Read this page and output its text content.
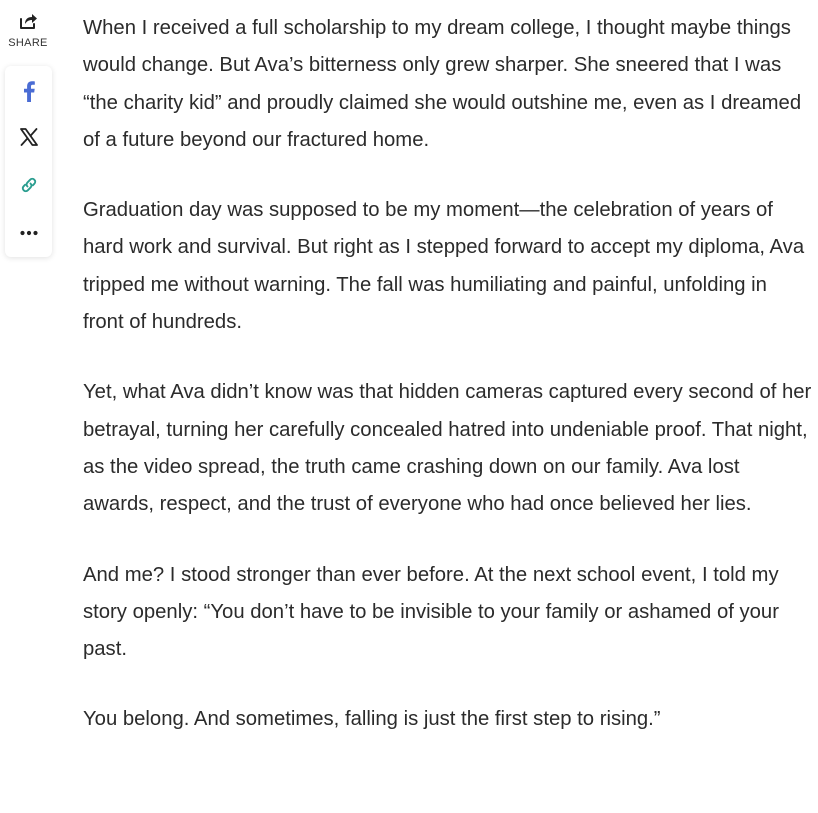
SHARE

When I received a full scholarship to my dream college, I thought maybe things would change. But Ava’s bitterness only grew sharper. She sneered that I was “the charity kid” and proudly claimed she would outshine me, even as I dreamed of a future beyond our fractured home.

Graduation day was supposed to be my moment—the celebration of years of hard work and survival. But right as I stepped forward to accept my diploma, Ava tripped me without warning. The fall was humiliating and painful, unfolding in front of hundreds.

Yet, what Ava didn’t know was that hidden cameras captured every second of her betrayal, turning her carefully concealed hatred into undeniable proof. That night, as the video spread, the truth came crashing down on our family. Ava lost awards, respect, and the trust of everyone who had once believed her lies.

And me? I stood stronger than ever before. At the next school event, I told my story openly: “You don’t have to be invisible to your family or ashamed of your past.

You belong. And sometimes, falling is just the first step to rising.”
